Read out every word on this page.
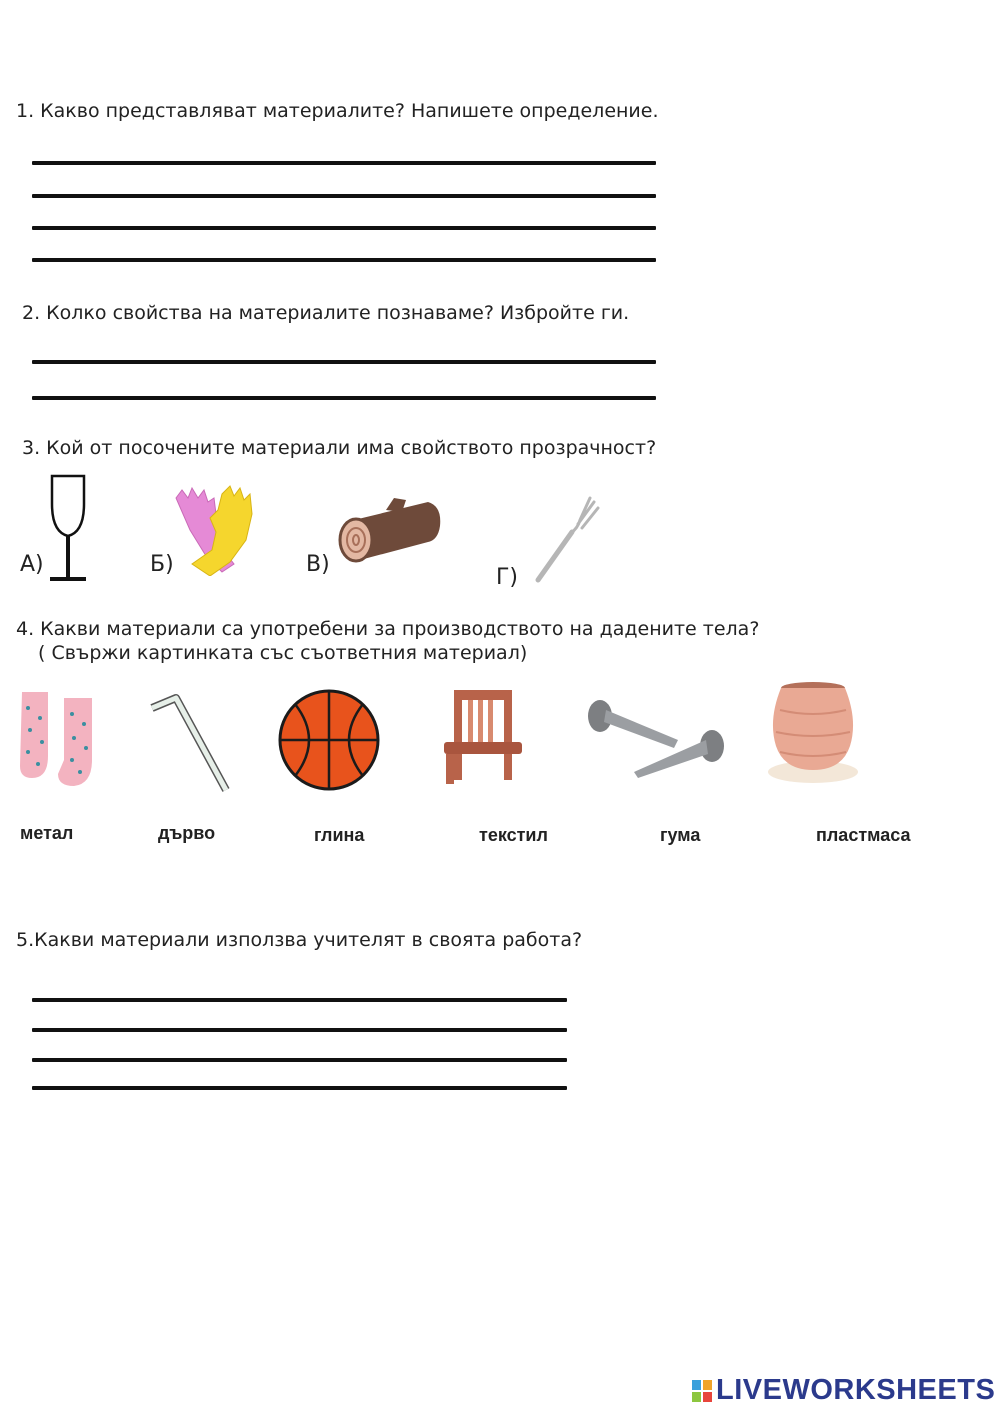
1. Какво представляват материалите? Напишете определение.

2. Колко свойства на материалите познаваме? Избройте ги.

3. Кой от посочените материали има свойството прозрачност?

А)	Б)	В)
Г)

4. Какви материали са употребени за производството на дадените тела?

( Свържи картинката със съответния материал)

метал	дърво	глина	текстил	гума	пластмаса

5.Какви материали използва учителят в своята работа?

LIVEWORKSHEETS
